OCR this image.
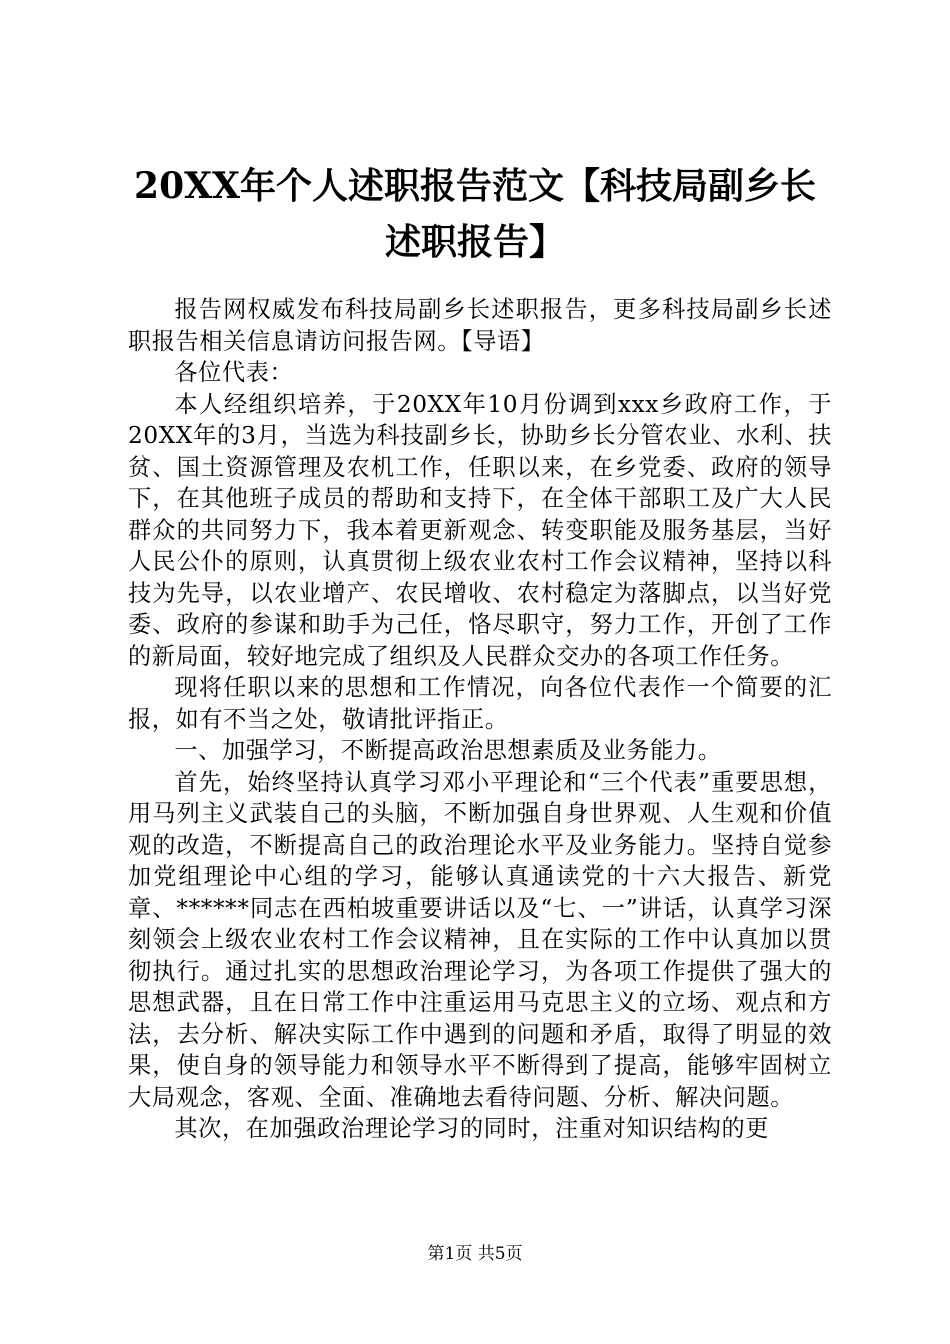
20XX年个人述职报告范文【科技局副乡长述职报告】

报告网权威发布科技局副乡长述职报告，更多科技局副乡长述职报告相关信息请访问报告网。【导语】

各位代表：

本人经组织培养，于20XX年10月份调到xxx乡政府工作，于20XX年的3月，当选为科技副乡长，协助乡长分管农业、水利、扶贫、国土资源管理及农机工作，任职以来，在乡党委、政府的领导下，在其他班子成员的帮助和支持下，在全体干部职工及广大人民群众的共同努力下，我本着更新观念、转变职能及服务基层，当好人民公仆的原则，认真贯彻上级农业农村工作会议精神，坚持以科技为先导，以农业增产、农民增收、农村稳定为落脚点，以当好党委、政府的参谋和助手为己任，恪尽职守，努力工作，开创了工作的新局面，较好地完成了组织及人民群众交办的各项工作任务。

现将任职以来的思想和工作情况，向各位代表作一个简要的汇报，如有不当之处，敬请批评指正。

一、加强学习，不断提高政治思想素质及业务能力。

首先，始终坚持认真学习邓小平理论和“三个代表”重要思想，用马列主义武装自己的头脑，不断加强自身世界观、人生观和价值观的改造，不断提高自己的政治理论水平及业务能力。坚持自觉参加党组理论中心组的学习，能够认真通读党的十六大报告、新党章、******同志在西柏坡重要讲话以及“七、一”讲话，认真学习深刻领会上级农业农村工作会议精神，且在实际的工作中认真加以贯彻执行。通过扎实的思想政治理论学习，为各项工作提供了强大的思想武器，且在日常工作中注重运用马克思主义的立场、观点和方法，去分析、解决实际工作中遇到的问题和矛盾，取得了明显的效果，使自身的领导能力和领导水平不断得到了提高，能够牢固树立大局观念，客观、全面、准确地去看待问题、分析、解决问题。

其次，在加强政治理论学习的同时，注重对知识结构的更

第1页 共5页
